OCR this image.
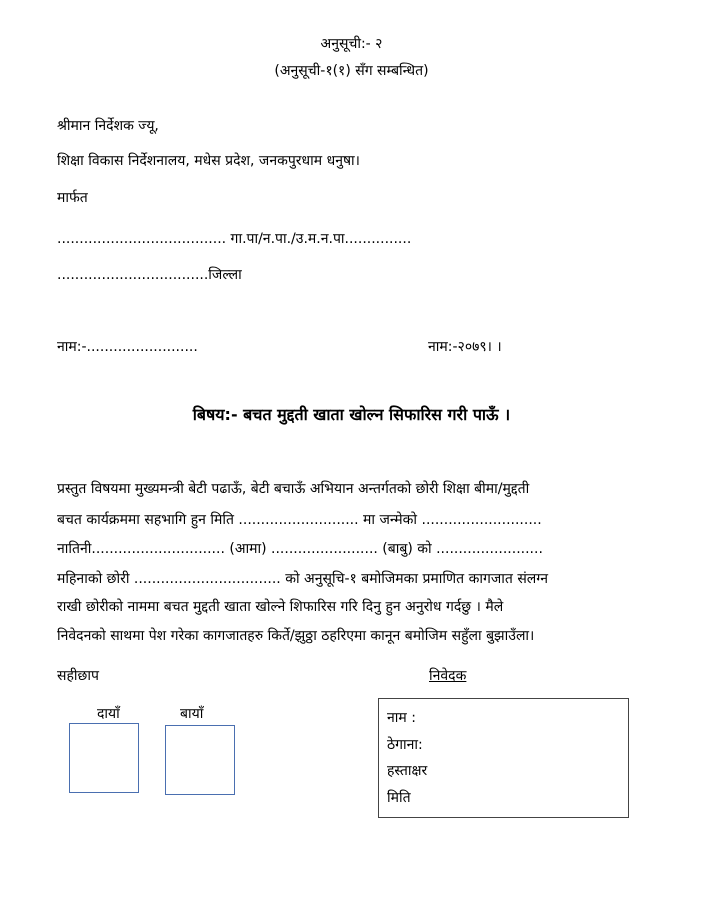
अनुसूची:- २
(अनुसूची-१(१) सँग सम्बन्धित)
श्रीमान निर्देशक ज्यू,
शिक्षा विकास निर्देशनालय, मधेस प्रदेश, जनकपुरधाम धनुषा।
मार्फत
...................................... गा.पा/न.पा./उ.म.न.पा...............
..................................जिल्ला
नाम:-.........................	नाम:-२०७९। ।
बिषय:- बचत मुद्दती खाता खोल्न सिफारिस गरी पाऊँ ।
प्रस्तुत विषयमा मुख्यमन्त्री बेटी पढाऊँ, बेटी बचाऊँ अभियान अन्तर्गतको छोरी शिक्षा बीमा/मुद्दती
बचत कार्यक्रममा सहभागि हुन मिति ........................... मा जन्मेको ...........................
नातिनी.............................. (आमा) ........................ (बाबु) को ........................
महिनाको छोरी ................................. को अनुसूचि-१ बमोजिमका प्रमाणित कागजात संलग्न
राखी छोरीको नाममा बचत मुद्दती खाता खोल्ने शिफारिस गरि दिनु हुन अनुरोध गर्दछु । मैले
निवेदनको साथमा पेश गरेका कागजातहरु किर्ते/झुठ्ठा ठहरिएमा कानून बमोजिम सहुँला बुझाउँला।
सहीछाप
दायाँ	बायाँ
निवेदक
नाम :
ठेगाना:
हस्ताक्षर
मिति
